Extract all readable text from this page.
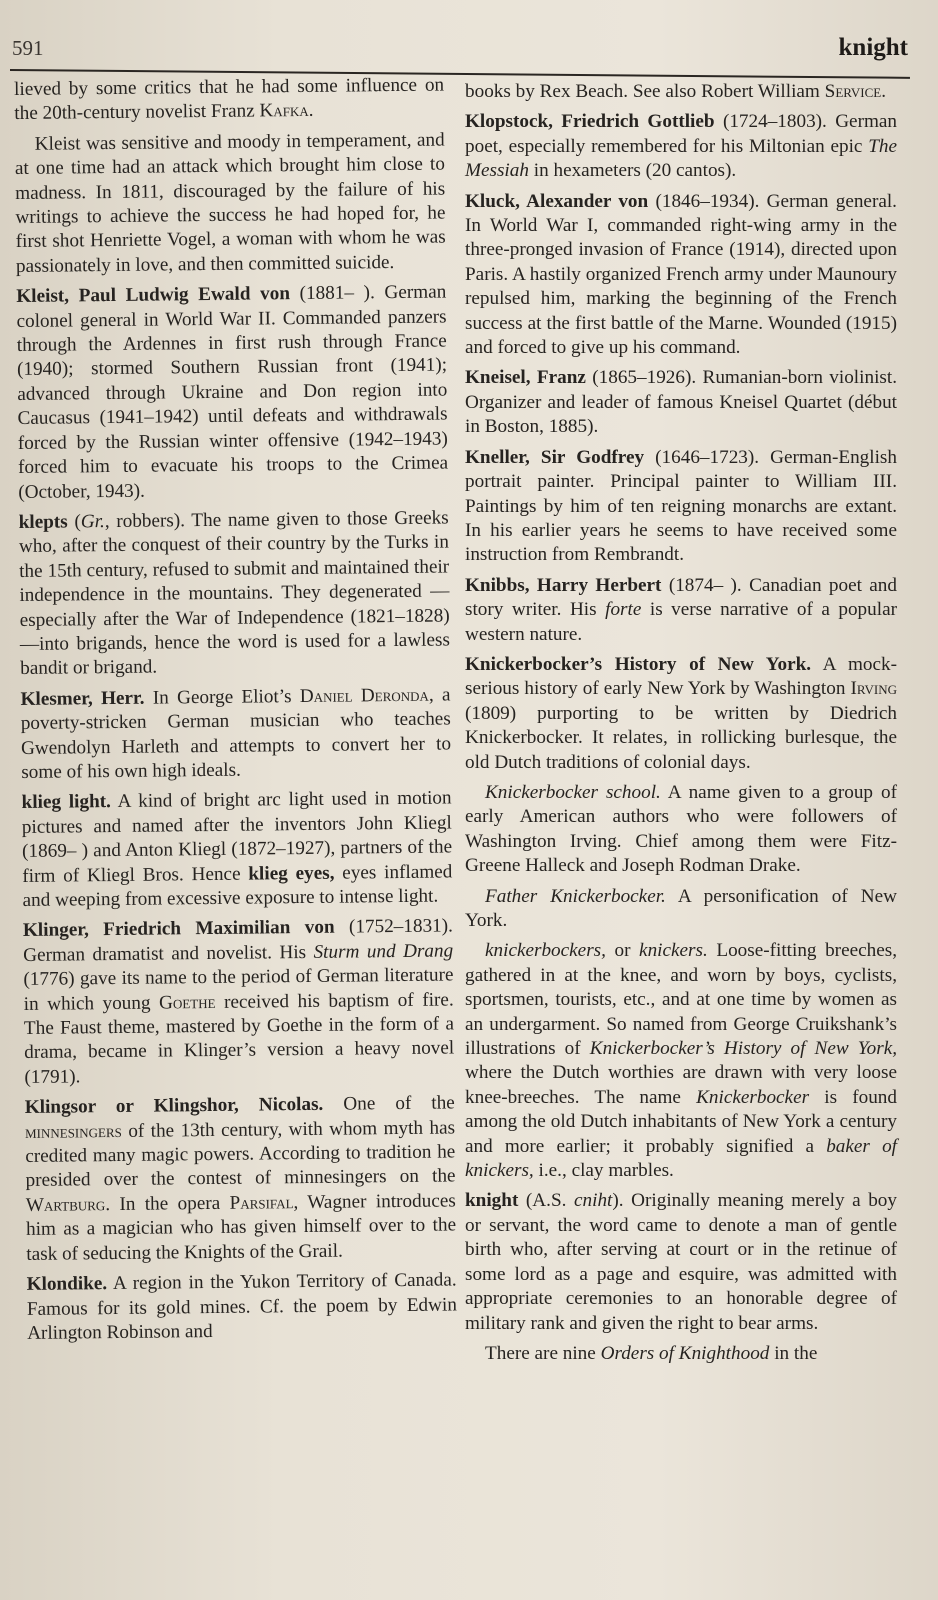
591	knight

lieved by some critics that he had some influence on the 20th-century novelist Franz Kafka.

Kleist was sensitive and moody in temperament, and at one time had an attack which brought him close to madness. In 1811, discouraged by the failure of his writings to achieve the success he had hoped for, he first shot Henriette Vogel, a woman with whom he was passionately in love, and then committed suicide.

Kleist, Paul Ludwig Ewald von (1881– ). German colonel general in World War II. Commanded panzers through the Ardennes in first rush through France (1940); stormed Southern Russian front (1941); advanced through Ukraine and Don region into Caucasus (1941–1942) until defeats and withdrawals forced by the Russian winter offensive (1942–1943) forced him to evacuate his troops to the Crimea (October, 1943).

klepts (Gr., robbers). The name given to those Greeks who, after the conquest of their country by the Turks in the 15th century, refused to submit and maintained their independence in the mountains. They degenerated —especially after the War of Independence (1821–1828)—into brigands, hence the word is used for a lawless bandit or brigand.

Klesmer, Herr. In George Eliot’s Daniel Deronda, a poverty-stricken German musician who teaches Gwendolyn Harleth and attempts to convert her to some of his own high ideals.

klieg light. A kind of bright arc light used in motion pictures and named after the inventors John Kliegl (1869– ) and Anton Kliegl (1872–1927), partners of the firm of Kliegl Bros. Hence klieg eyes, eyes inflamed and weeping from excessive exposure to intense light.

Klinger, Friedrich Maximilian von (1752–1831). German dramatist and novelist. His Sturm und Drang (1776) gave its name to the period of German literature in which young Goethe received his baptism of fire. The Faust theme, mastered by Goethe in the form of a drama, became in Klinger’s version a heavy novel (1791).

Klingsor or Klingshor, Nicolas. One of the minnesingers of the 13th century, with whom myth has credited many magic powers. According to tradition he presided over the contest of minnesingers on the Wartburg. In the opera Parsifal, Wagner introduces him as a magician who has given himself over to the task of seducing the Knights of the Grail.

Klondike. A region in the Yukon Territory of Canada. Famous for its gold mines. Cf. the poem by Edwin Arlington Robinson and

books by Rex Beach. See also Robert William Service.

Klopstock, Friedrich Gottlieb (1724–1803). German poet, especially remembered for his Miltonian epic The Messiah in hexameters (20 cantos).

Kluck, Alexander von (1846–1934). German general. In World War I, commanded right-wing army in the three-pronged invasion of France (1914), directed upon Paris. A hastily organized French army under Maunoury repulsed him, marking the beginning of the French success at the first battle of the Marne. Wounded (1915) and forced to give up his command.

Kneisel, Franz (1865–1926). Rumanian-born violinist. Organizer and leader of famous Kneisel Quartet (début in Boston, 1885).

Kneller, Sir Godfrey (1646–1723). German-English portrait painter. Principal painter to William III. Paintings by him of ten reigning monarchs are extant. In his earlier years he seems to have received some instruction from Rembrandt.

Knibbs, Harry Herbert (1874– ). Canadian poet and story writer. His forte is verse narrative of a popular western nature.

Knickerbocker’s History of New York. A mock-serious history of early New York by Washington Irving (1809) purporting to be written by Diedrich Knickerbocker. It relates, in rollicking burlesque, the old Dutch traditions of colonial days.

Knickerbocker school. A name given to a group of early American authors who were followers of Washington Irving. Chief among them were Fitz-Greene Halleck and Joseph Rodman Drake.

Father Knickerbocker. A personification of New York.

knickerbockers, or knickers. Loose-fitting breeches, gathered in at the knee, and worn by boys, cyclists, sportsmen, tourists, etc., and at one time by women as an undergarment. So named from George Cruikshank’s illustrations of Knickerbocker’s History of New York, where the Dutch worthies are drawn with very loose knee-breeches. The name Knickerbocker is found among the old Dutch inhabitants of New York a century and more earlier; it probably signified a baker of knickers, i.e., clay marbles.

knight (A.S. cniht). Originally meaning merely a boy or servant, the word came to denote a man of gentle birth who, after serving at court or in the retinue of some lord as a page and esquire, was admitted with appropriate ceremonies to an honorable degree of military rank and given the right to bear arms.

There are nine Orders of Knighthood in the
